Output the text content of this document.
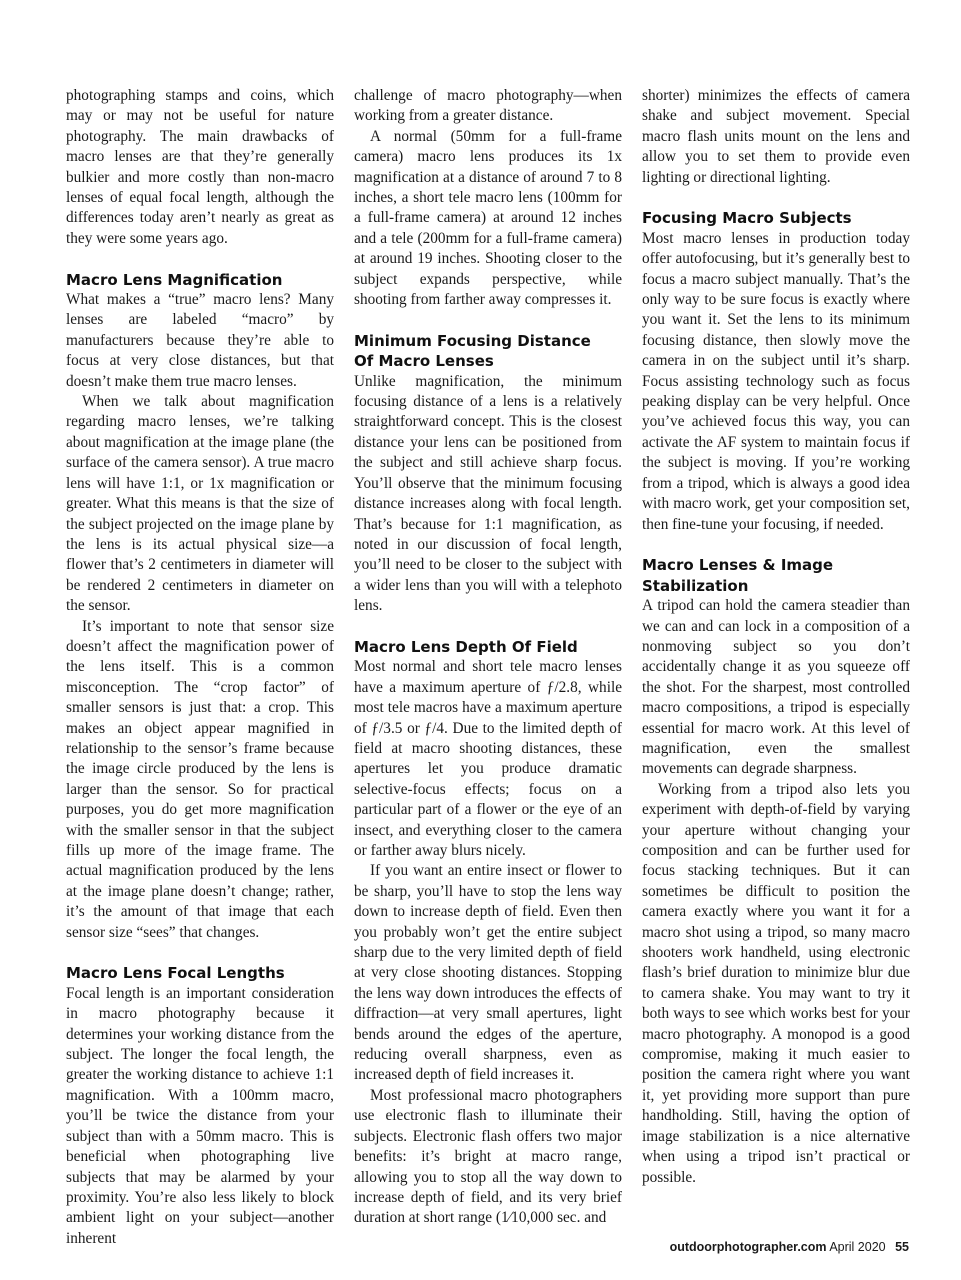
photographing stamps and coins, which may or may not be useful for nature photography. The main drawbacks of macro lenses are that they’re generally bulkier and more costly than non-macro lenses of equal focal length, although the differences today aren’t nearly as great as they were some years ago.

Macro Lens Magnification

What makes a “true” macro lens? Many lenses are labeled “macro” by manufacturers because they’re able to focus at very close distances, but that doesn’t make them true macro lenses.

When we talk about magnification regarding macro lenses, we’re talking about magnification at the image plane (the surface of the camera sensor). A true macro lens will have 1:1, or 1x magnification or greater. What this means is that the size of the subject projected on the image plane by the lens is its actual physical size—a flower that’s 2 centimeters in diameter will be rendered 2 centimeters in diameter on the sensor.

It’s important to note that sensor size doesn’t affect the magnification power of the lens itself. This is a common misconception. The “crop factor” of smaller sensors is just that: a crop. This makes an object appear magnified in relationship to the sensor’s frame because the image circle produced by the lens is larger than the sensor. So for practical purposes, you do get more magnification with the smaller sensor in that the subject fills up more of the image frame. The actual magnification produced by the lens at the image plane doesn’t change; rather, it’s the amount of that image that each sensor size “sees” that changes.

Macro Lens Focal Lengths

Focal length is an important consideration in macro photography because it determines your working distance from the subject. The longer the focal length, the greater the working distance to achieve 1:1 magnification. With a 100mm macro, you’ll be twice the distance from your subject than with a 50mm macro. This is beneficial when photographing live subjects that may be alarmed by your proximity. You’re also less likely to block ambient light on your subject—another inherent

challenge of macro photography—when working from a greater distance.

A normal (50mm for a full-frame camera) macro lens produces its 1x magnification at a distance of around 7 to 8 inches, a short tele macro lens (100mm for a full-frame camera) at around 12 inches and a tele (200mm for a full-frame camera) at around 19 inches. Shooting closer to the subject expands perspective, while shooting from farther away compresses it.

Minimum Focusing Distance
Of Macro Lenses

Unlike magnification, the minimum focusing distance of a lens is a relatively straightforward concept. This is the closest distance your lens can be positioned from the subject and still achieve sharp focus. You’ll observe that the minimum focusing distance increases along with focal length. That’s because for 1:1 magnification, as noted in our discussion of focal length, you’ll need to be closer to the subject with a wider lens than you will with a telephoto lens.

Macro Lens Depth Of Field

Most normal and short tele macro lenses have a maximum aperture of ƒ/2.8, while most tele macros have a maximum aperture of ƒ/3.5 or ƒ/4. Due to the limited depth of field at macro shooting distances, these apertures let you produce dramatic selective-focus effects; focus on a particular part of a flower or the eye of an insect, and everything closer to the camera or farther away blurs nicely.

If you want an entire insect or flower to be sharp, you’ll have to stop the lens way down to increase depth of field. Even then you probably won’t get the entire subject sharp due to the very limited depth of field at very close shooting distances. Stopping the lens way down introduces the effects of diffraction—at very small apertures, light bends around the edges of the aperture, reducing overall sharpness, even as increased depth of field increases it.

Most professional macro photographers use electronic flash to illuminate their subjects. Electronic flash offers two major benefits: it’s bright at macro range, allowing you to stop all the way down to increase depth of field, and its very brief duration at short range (1⁄10,000 sec. and

shorter) minimizes the effects of camera shake and subject movement. Special macro flash units mount on the lens and allow you to set them to provide even lighting or directional lighting.

Focusing Macro Subjects

Most macro lenses in production today offer autofocusing, but it’s generally best to focus a macro subject manually. That’s the only way to be sure focus is exactly where you want it. Set the lens to its minimum focusing distance, then slowly move the camera in on the subject until it’s sharp. Focus assisting technology such as focus peaking display can be very helpful. Once you’ve achieved focus this way, you can activate the AF system to maintain focus if the subject is moving. If you’re working from a tripod, which is always a good idea with macro work, get your composition set, then fine-tune your focusing, if needed.

Macro Lenses & Image
Stabilization

A tripod can hold the camera steadier than we can and can lock in a composition of a nonmoving subject so you don’t accidentally change it as you squeeze off the shot. For the sharpest, most controlled macro compositions, a tripod is especially essential for macro work. At this level of magnification, even the smallest movements can degrade sharpness.

Working from a tripod also lets you experiment with depth-of-field by varying your aperture without changing your composition and can be further used for focus stacking techniques. But it can sometimes be difficult to position the camera exactly where you want it for a macro shot using a tripod, so many macro shooters work handheld, using electronic flash’s brief duration to minimize blur due to camera shake. You may want to try it both ways to see which works best for your macro photography. A monopod is a good compromise, making it much easier to position the camera right where you want it, yet providing more support than pure handholding. Still, having the option of image stabilization is a nice alternative when using a tripod isn’t practical or possible.

outdoorphotographer.com April 2020 55
